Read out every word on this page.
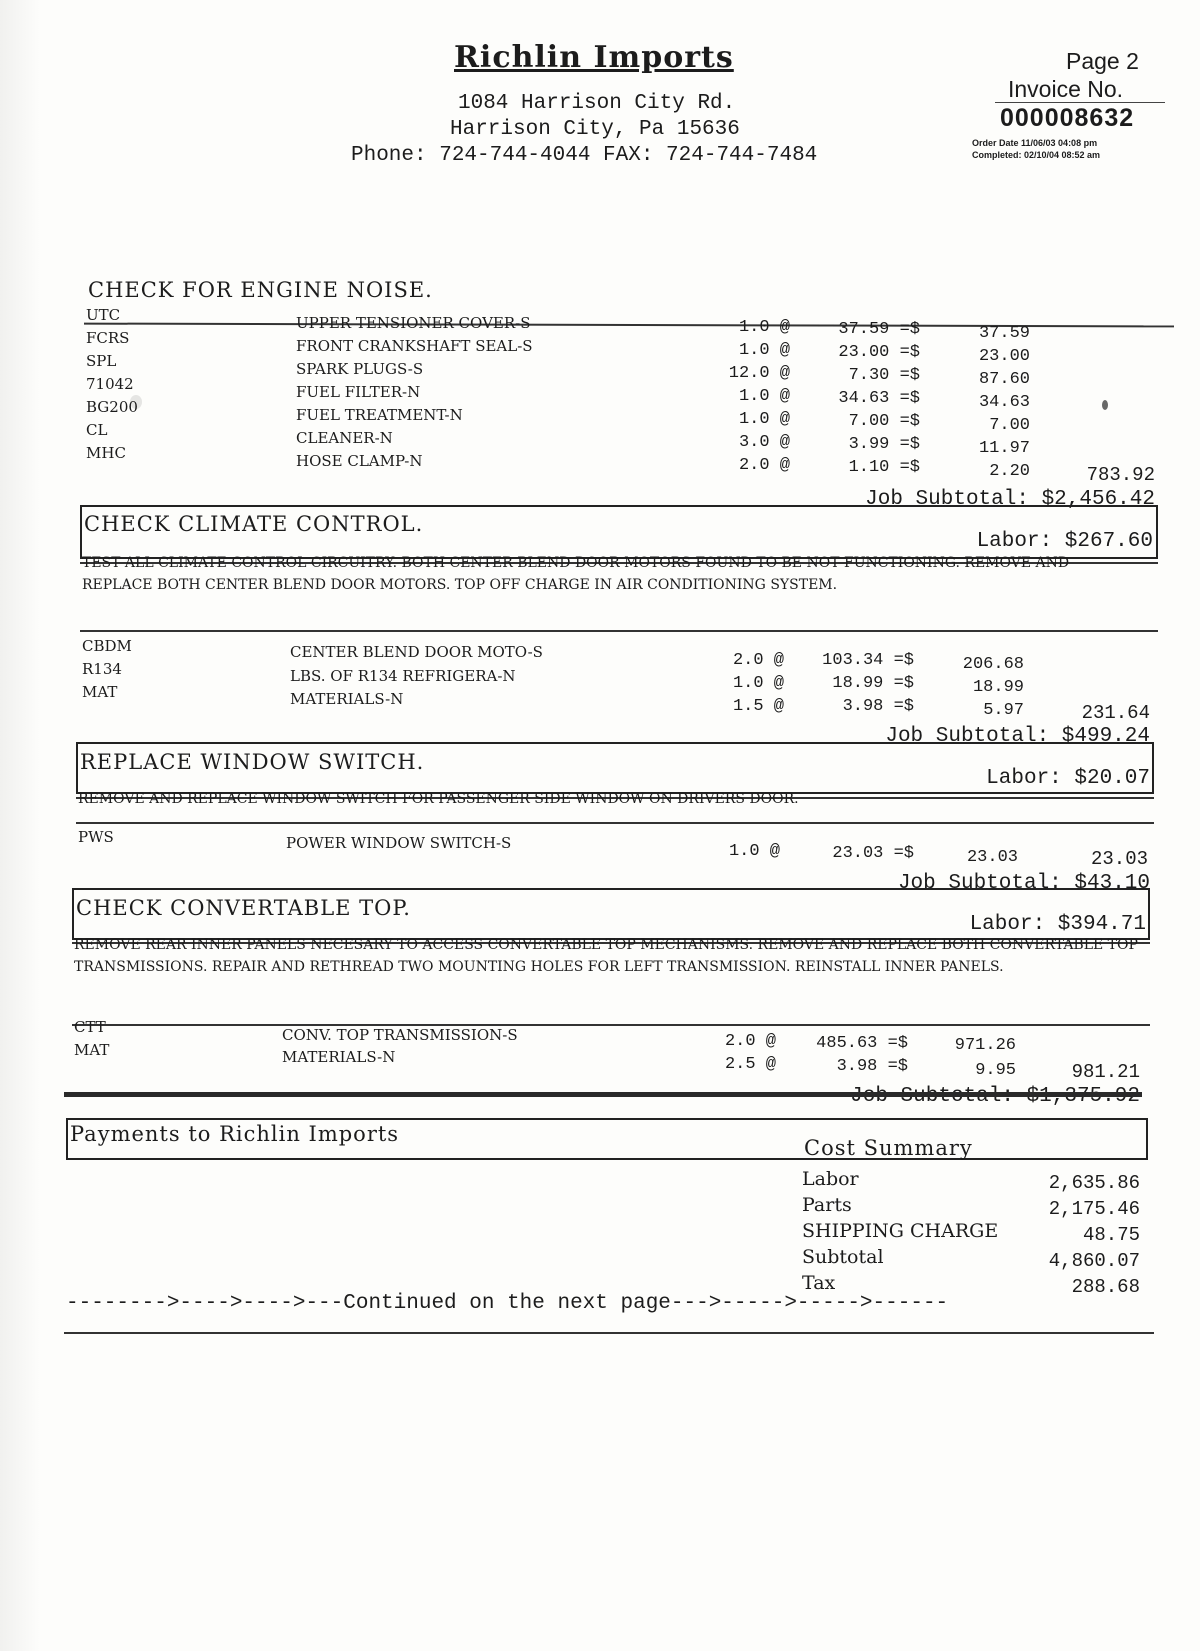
Richlin Imports
1084 Harrison City Rd.
Harrison City, Pa 15636
Phone: 724-744-4044 FAX: 724-744-7484
Page 2
Invoice No.
000008632
Order Date 11/06/03 04:08 pm
Completed: 02/10/04 08:52 am
CHECK FOR ENGINE NOISE.
UTC	UPPER TENSIONER COVER-S	1.0 @	37.59 =$	37.59
FCRS	FRONT CRANKSHAFT SEAL-S	1.0 @	23.00 =$	23.00
SPL	SPARK PLUGS-S	12.0 @	7.30 =$	87.60
71042	FUEL FILTER-N	1.0 @	34.63 =$	34.63
BG200	FUEL TREATMENT-N	1.0 @	7.00 =$	7.00
CL	CLEANER-N	3.0 @	3.99 =$	11.97
MHC	HOSE CLAMP-N	2.0 @	1.10 =$	2.20	783.92
Job Subtotal: $2,456.42
CHECK CLIMATE CONTROL.
Labor: $267.60
TEST ALL CLIMATE CONTROL CIRCUITRY. BOTH CENTER BLEND DOOR MOTORS FOUND TO BE NOT FUNCTIONING. REMOVE AND REPLACE BOTH CENTER BLEND DOOR MOTORS. TOP OFF CHARGE IN AIR CONDITIONING SYSTEM.
CBDM	CENTER BLEND DOOR MOTO-S	2.0 @	103.34 =$	206.68
R134	LBS. OF R134 REFRIGERA-N	1.0 @	18.99 =$	18.99
MAT	MATERIALS-N	1.5 @	3.98 =$	5.97	231.64
Job Subtotal: $499.24
REPLACE WINDOW SWITCH.
Labor: $20.07
REMOVE AND REPLACE WINDOW SWITCH FOR PASSENGER SIDE WINDOW ON DRIVERS DOOR.
PWS	POWER WINDOW SWITCH-S	1.0 @	23.03 =$	23.03	23.03
Job Subtotal: $43.10
CHECK CONVERTABLE TOP.
Labor: $394.71
REMOVE REAR INNER PANELS NECESARY TO ACCESS CONVERTABLE TOP MECHANISMS. REMOVE AND REPLACE BOTH CONVERTABLE TOP TRANSMISSIONS. REPAIR AND RETHREAD TWO MOUNTING HOLES FOR LEFT TRANSMISSION. REINSTALL INNER PANELS.
CTT	CONV. TOP TRANSMISSION-S	2.0 @	485.63 =$	971.26
MAT	MATERIALS-N	2.5 @	3.98 =$	9.95	981.21
Payments to Richlin Imports
Cost Summary
Labor	2,635.86
Parts	2,175.46
SHIPPING CHARGE	48.75
Subtotal	4,860.07
Tax	288.68
-------->---->---->---Continued on the next page--->----->----->------
